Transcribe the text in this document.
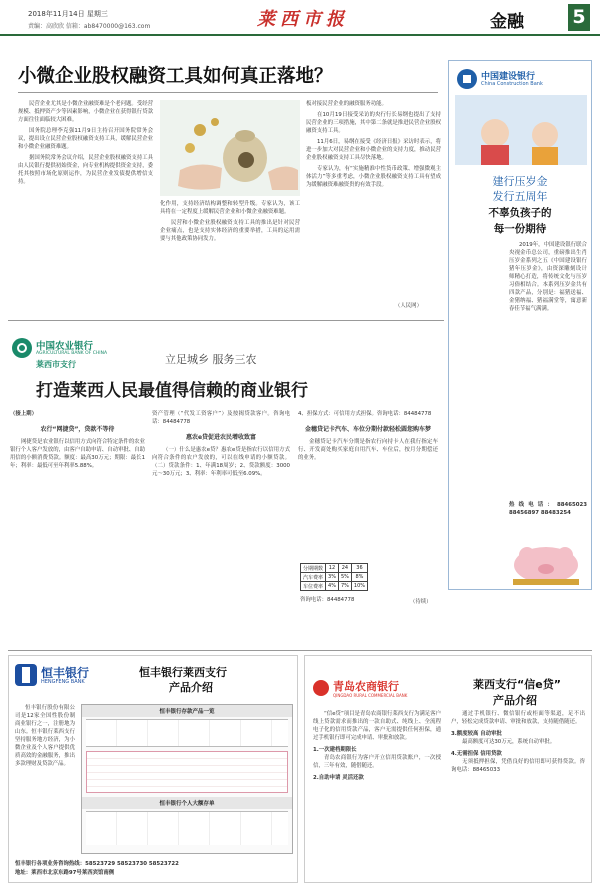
2018年11月14日 星期三
责编：高欣欣 信箱：ab8470000@163.com	莱西市报	金融	5
小微企业股权融资工具如何真正落地？

民营企业尤其是小微企业融资难是个老问题。受经营规模、抵押资产少等因素影响，小微企业在获得银行贷款方面往往面临较大困难。

国务院总理李克强11月9日主持召开国务院常务会议，提出设立民营企业股权融资支持工具，缓解民营企业和小微企业融资难题。

据国务院常务会议介绍，民营企业股权融资支持工具由人民银行提供初始资金，向专业机构提供资金支持，委托其按照市场化原则运作，为民营企业发债提供增信支持。

化作用，支持经济结构调整和转型升级。专家认为，该工具将在一定程度上缓解民营企业和小微企业融资难题。

民营和小微企业股权融资支持工具的推出是针对民营企业痛点，也是支持实体经济的重要举措，工具的运用需要与其他政策协同发力。

板对接民营企业的融资服务功能。

在10月19日接受采访的央行行长易纲也提出了支持民营企业的三项措施，其中第二条就是推进民营企业股权融资支持工具。

11月6日，易纲在接受《经济日报》采访时表示，将进一步加大对民营企业和小微企业的支持力度，推动民营企业股权融资支持工具尽快落地。

专家认为，有“实施精准中性货币政策、增强微观主体活力”等多重考虑，小微企业股权融资支持工具有望成为缓解融资难融资贵的有效手段。

（人民网）
中国建设银行
China Construction Bank
建行压岁金
发行五周年
不辜负孩子的
每一份期待
2019年，中国建设银行联合央视金币总公司，重磅推出生肖压岁金系列之五《中国建设银行猪年压岁金》，由资深雕刻设计师精心打造，将传统文化与压岁习俗相结合。本系列压岁金共有四款产品，分别是：福猪送福、金猪纳福、猪福满堂等，寓意新春佳节福气满满。
热线电话：88465023 88456897 88483254
中国农业银行
AGRICULTURAL BANK OF CHINA
莱西市支行	立足城乡 服务三农
打造莱西人民最值得信赖的商业银行

（接上期）

农行“网捷贷”，贷款不等待

网捷贷是农业银行以信用方式向符合特定条件的农业银行个人客户发放的，由客户自助申请、自动审批、自助用信的小额消费贷款。额度：最高30万元；期限：最长1年；利率：最低可至年利率5.88%。

资产管理（“代发工资客户”）及按揭贷款客户。咨询电话：84484778

惠农e贷促进农民增收致富

（一）什么是惠农e贷？惠农e贷是指农行以信用方式向符合条件的农户发放的，可以在线申请的小额贷款。（二）贷款条件：1、年满18周岁；2、贷款额度：3000元～30万元；3、利率：年利率可低至6.09%。

4、担保方式：可信用方式担保。咨询电话：84484778

金穗贷记卡汽车、车位分期付款轻松圆您购车梦

金穗贷记卡汽车分期是指农行向持卡人在我行指定车行、开发商处购买家庭自用汽车、车位后，按月分期偿还的业务。

分期期数	12	24	36
汽车费率	3%	5%	8%
车位费率	4%	7%	10%
咨询电话：84484778	（待续）
恒丰银行
HENGFENG BANK
恒丰银行莱西支行
产品介绍
恒丰银行股份有限公司是12家全国性股份制商业银行之一，注册地为山东。恒丰银行莱西支行坚持服务地方经济，为小微企业及个人客户提供优质高效的金融服务，推出多款理财及贷款产品。
恒丰银行存款产品一览
恒丰银行个人大额存单
恒丰银行各项业务咨询热线：58523729 58523730 58523722
地址：莱西市北京东路97号莱西宾馆南侧
青岛农商银行
QINGDAO RURAL COMMERCIAL BANK
莱西支行“信e贷”
产品介绍

“信e贷”项目是青岛农商银行莱西支行为满足客户线上贷款需求而推出的一款自助式、纯线上、全流程电子化的信用贷款产品，客户无需提供任何担保，通过手机银行即可完成申请、审批和放款。

1.一次建档期限长

青岛农商银行为客户开立信用贷款账户，一次授信，三年有效，随借随还。

2.自助申请 灵活还款

通过手机银行、微信银行或柜面等渠道，足不出户，轻松完成贷款申请、审批和放款，支持随借随还。

3.额度较高 自动审批

最高额度可达30万元，系统自动审批。

4.无需担保 信用贷款

无须抵押担保，凭借良好的信用即可获得贷款。咨询电话：88465033
